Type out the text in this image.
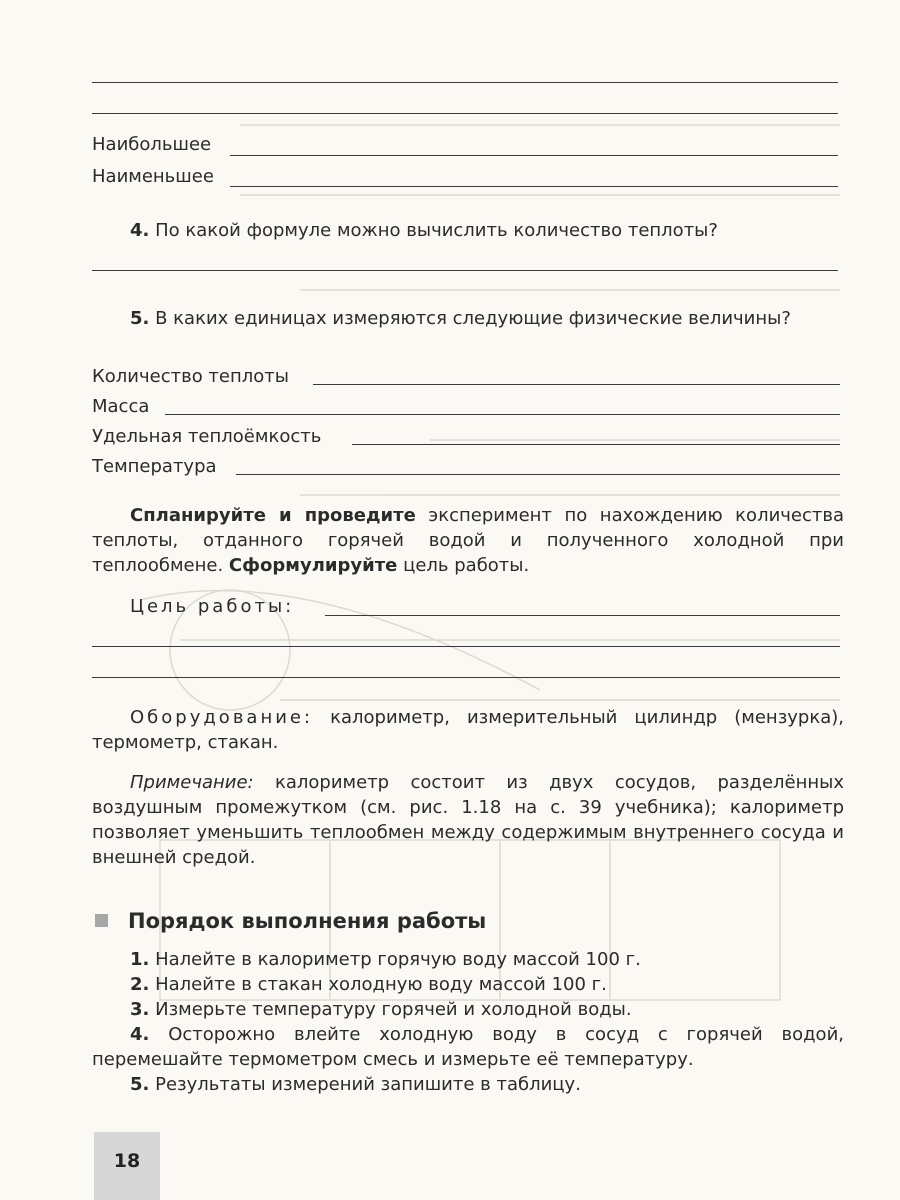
Наибольшее
Наименьшее
4. По какой формуле можно вычислить количество теплоты?
5. В каких единицах измеряются следующие физические величины?
Количество теплоты
Масса
Удельная теплоёмкость
Температура
Спланируйте и проведите эксперимент по нахождению количества теплоты, отданного горячей водой и полученного холодной при теплообмене. Сформулируйте цель работы.
Цель работы:
Оборудование: калориметр, измерительный цилиндр (мензурка), термометр, стакан.
Примечание: калориметр состоит из двух сосудов, разделённых воздушным промежутком (см. рис. 1.18 на с. 39 учебника); калориметр позволяет уменьшить теплообмен между содержимым внутреннего сосуда и внешней средой.
Порядок выполнения работы
1. Налейте в калориметр горячую воду массой 100 г.
2. Налейте в стакан холодную воду массой 100 г.
3. Измерьте температуру горячей и холодной воды.
4. Осторожно влейте холодную воду в сосуд с горячей водой, перемешайте термометром смесь и измерьте её температуру.
5. Результаты измерений запишите в таблицу.
18
